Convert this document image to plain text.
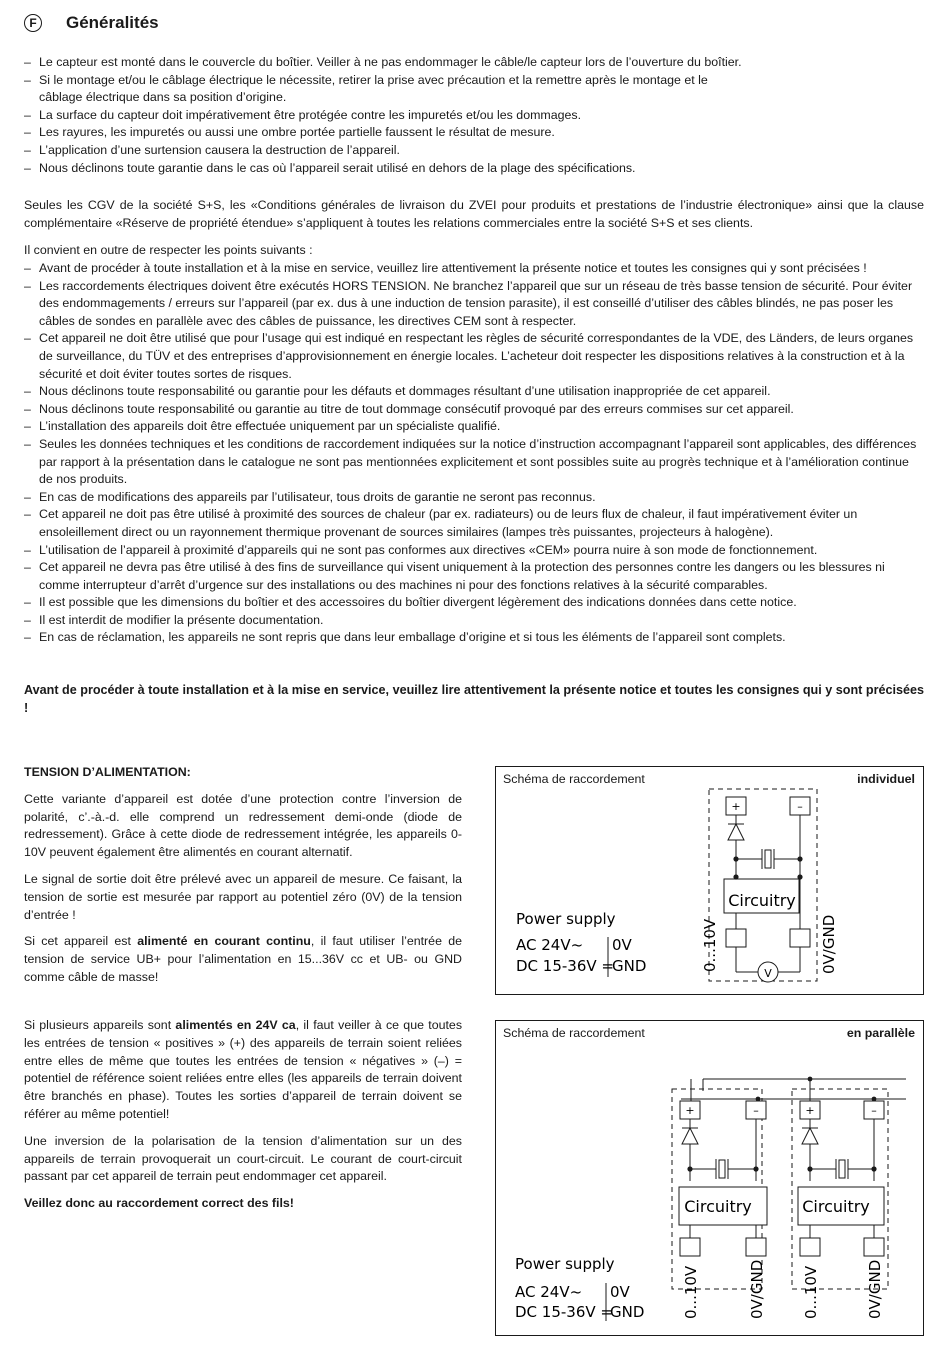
F	Généralités
– Le capteur est monté dans le couvercle du boîtier. Veiller à ne pas endommager le câble/le capteur lors de l’ouverture du boîtier.
– Si le montage et/ou le câblage électrique le nécessite, retirer la prise avec précaution et la remettre après le montage et le câblage électrique dans sa position d’origine.
– La surface du capteur doit impérativement être protégée contre les impuretés et/ou les dommages.
– Les rayures, les impuretés ou aussi une ombre portée partielle faussent le résultat de mesure.
– L’application d’une surtension causera la destruction de l’appareil.
– Nous déclinons toute garantie dans le cas où l’appareil serait utilisé en dehors de la plage des spécifications.

Seules les CGV de la société S+S, les «Conditions générales de livraison du ZVEI pour produits et prestations de l’industrie électronique» ainsi que la clause complémentaire «Réserve de propriété étendue» s’appliquent à toutes les relations commerciales entre la société S+S et ses clients.

Il convient en outre de respecter les points suivants :

– Avant de procéder à toute installation et à la mise en service, veuillez lire attentivement la présente notice et toutes les consignes qui y sont précisées !
– Les raccordements électriques doivent être exécutés HORS TENSION. Ne branchez l’appareil que sur un réseau de très basse tension de sécurité. Pour éviter des endommagements / erreurs sur l’appareil (par ex. dus à une induction de tension parasite), il est conseillé d’utiliser des câbles blindés, ne pas poser les câbles de sondes en parallèle avec des câbles de puissance, les directives CEM sont à respecter.
– Cet appareil ne doit être utilisé que pour l’usage qui est indiqué en respectant les règles de sécurité correspondantes de la VDE, des Länders, de leurs organes de surveillance, du TÜV et des entreprises d’approvisionnement en énergie locales. L’acheteur doit respecter les dispositions relatives à la construction et à la sécurité et doit éviter toutes sortes de risques.
– Nous déclinons toute responsabilité ou garantie pour les défauts et dommages résultant d’une utilisation inappropriée de cet appareil.
– Nous déclinons toute responsabilité ou garantie au titre de tout dommage consécutif provoqué par des erreurs commises sur cet appareil.
– L’installation des appareils doit être effectuée uniquement par un spécialiste qualifié.
– Seules les données techniques et les conditions de raccordement indiquées sur la notice d’instruction accompagnant l’appareil sont applicables, des différences par rapport à la présentation dans le catalogue ne sont pas mentionnées explicitement et sont possibles suite au progrès technique et à l’amélioration continue de nos produits.
– En cas de modifications des appareils par l’utilisateur, tous droits de garantie ne seront pas reconnus.
– Cet appareil ne doit pas être utilisé à proximité des sources de chaleur (par ex. radiateurs) ou de leurs flux de chaleur, il faut impérativement éviter un ensoleillement direct ou un rayonnement thermique provenant de sources similaires (lampes très puissantes, projecteurs à halogène).
– L’utilisation de l’appareil à proximité d’appareils qui ne sont pas conformes aux directives «CEM» pourra nuire à son mode de fonctionnement.
– Cet appareil ne devra pas être utilisé à des fins de surveillance qui visent uniquement à la protection des personnes contre les dangers ou les blessures ni comme interrupteur d’arrêt d’urgence sur des installations ou des machines ni pour des fonctions relatives à la sécurité comparables.
– Il est possible que les dimensions du boîtier et des accessoires du boîtier divergent légèrement des indications données dans cette notice.
– Il est interdit de modifier la présente documentation.
– En cas de réclamation, les appareils ne sont repris que dans leur emballage d’origine et si tous les éléments de l’appareil sont complets.

Avant de procéder à toute installation et à la mise en service, veuillez lire attentivement la présente notice et toutes les consignes qui y sont précisées !

TENSION D’ALIMENTATION:

Cette variante d’appareil est dotée d’une protection contre l’inversion de polarité, c’.-à.-d. elle comprend un redressement demi-onde (diode de redressement). Grâce à cette diode de redressement intégrée, les appareils 0-10V peuvent également être alimentés en courant alternatif.

Le signal de sortie doit être prélevé avec un appareil de mesure. Ce faisant, la tension de sortie est mesurée par rapport au potentiel zéro (0V) de la tension d’entrée !

Si cet appareil est alimenté en courant continu, il faut utiliser l’entrée de tension de service UB+ pour l’alimentation en 15...36V cc et UB- ou GND comme câble de masse!

Si plusieurs appareils sont alimentés en 24V ca, il faut veiller à ce que toutes les entrées de tension « positives » (+) des appareils de terrain soient reliées entre elles de même que toutes les entrées de tension « négatives » (–) = potentiel de référence soient reliées entre elles (les appareils de terrain doivent être branchés en phase). Toutes les sorties d’appareil de terrain doivent se référer au même potentiel!

Une inversion de la polarisation de la tension d’alimentation sur un des appareils de terrain provoquerait un court-circuit. Le courant de court-circuit passant par cet appareil de terrain peut endommager cet appareil.

Veillez donc au raccordement correct des fils!

Schéma de raccordement	individuel
+	–
Circuitry
V
0...10V	0V/GND
Power supply
AC 24V~
DC 15-36V =
0V
GND
Schéma de raccordement	en parallèle
+	–	+	–
Circuitry	Circuitry
0...10V	0V/GND 0...10V	0V/GND
Power supply
AC 24V~
DC 15-36V =
0V
GND
